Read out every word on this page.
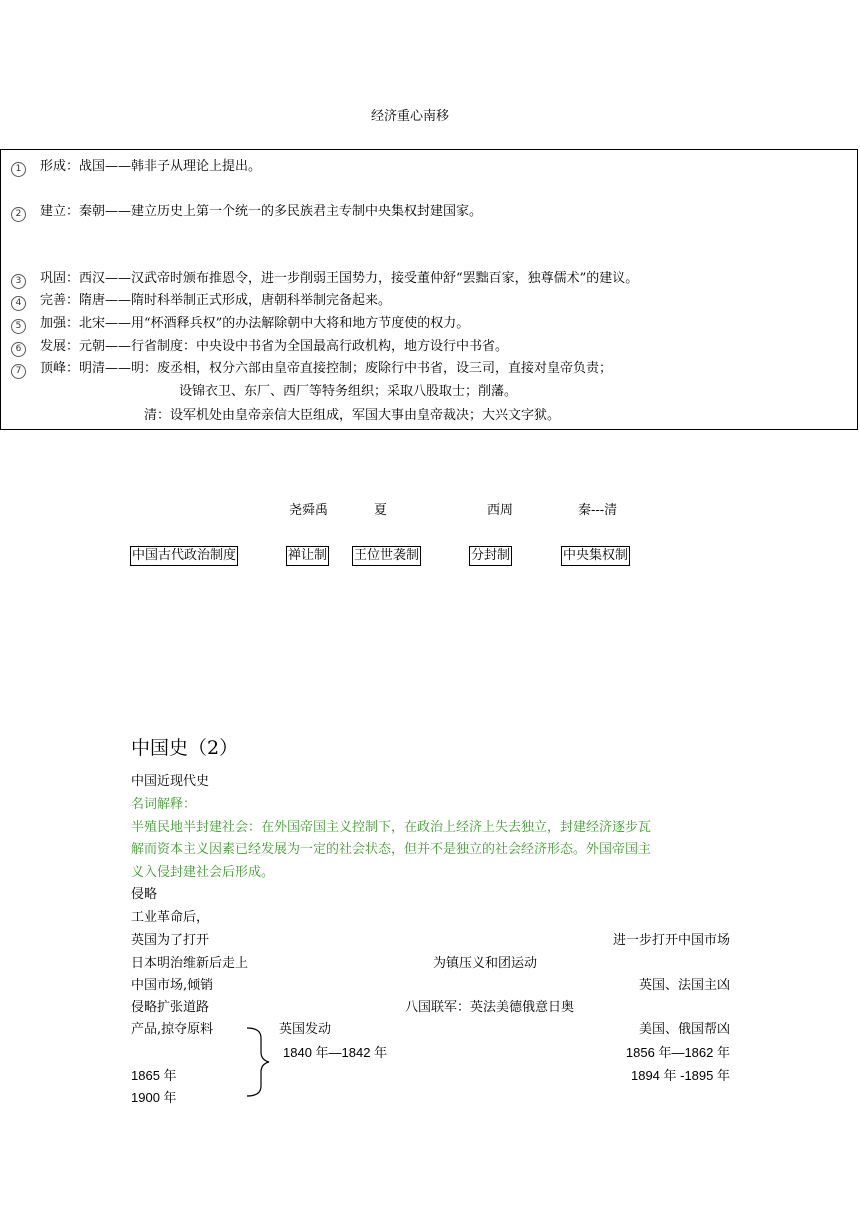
经济重心南移
1 形成：战国——韩非子从理论上提出。
2 建立：秦朝——建立历史上第一个统一的多民族君主专制中央集权封建国家。
3 巩固：西汉——汉武帝时颁布推恩令，进一步削弱王国势力，接受董仲舒“罢黜百家，独尊儒术”的建议。
4 完善：隋唐——隋时科举制正式形成，唐朝科举制完备起来。
5 加强：北宋——用“杯酒释兵权”的办法解除朝中大将和地方节度使的权力。
6 发展：元朝——行省制度：中央设中书省为全国最高行政机构，地方设行中书省。
7 顶峰：明清——明：废丞相，权分六部由皇帝直接控制；废除行中书省，设三司，直接对皇帝负责；
设锦衣卫、东厂、西厂等特务组织；采取八股取士；削藩。
清：设军机处由皇帝亲信大臣组成，军国大事由皇帝裁决；大兴文字狱。
尧舜禹	夏	西周	秦---清
中国古代政治制度	禅让制 王位世袭制	分封制	中央集权制
中国史（2）
中国近现代史
名词解释：
半殖民地半封建社会：在外国帝国主义控制下，在政治上经济上失去独立，封建经济逐步瓦
解而资本主义因素已经发展为一定的社会状态，但并不是独立的社会经济形态。外国帝国主
义入侵封建社会后形成。
侵略
工业革命后，
英国为了打开	进一步打开中国市场
日本明治维新后走上	为镇压义和团运动
中国市场,倾销	英国、法国主凶
侵略扩张道路	八国联军：英法美德俄意日奥
产品,掠夺原料	英国发动	美国、俄国帮凶
1840 年—1842 年	1856 年—1862 年
1865 年	1894 年 -1895 年
1900 年
